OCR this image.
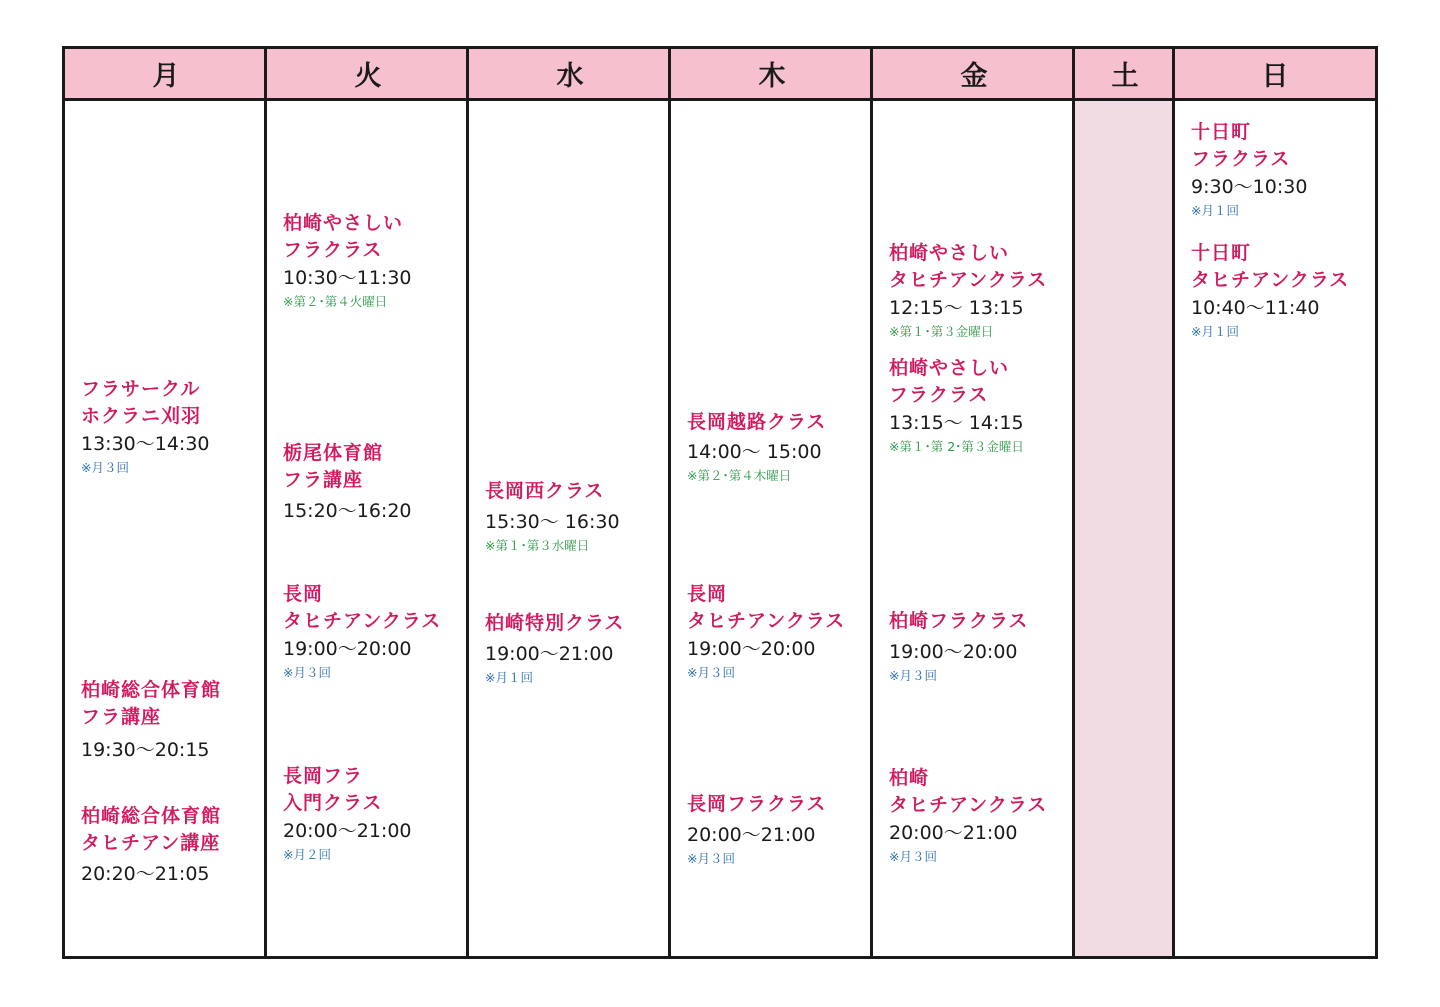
月
フラサークル
ホクラニ刈羽
13:30〜14:30
※月３回
柏崎総合体育館
フラ講座
19:30〜20:15
柏崎総合体育館
タヒチアン講座
20:20〜21:05
火
柏崎やさしい
フラクラス
10:30〜11:30
※第２･第４火曜日
栃尾体育館
フラ講座
15:20〜16:20
長岡
タヒチアンクラス
19:00〜20:00
※月３回
長岡フラ
入門クラス
20:00〜21:00
※月２回
水
長岡西クラス
15:30〜 16:30
※第１･第３水曜日
柏崎特別クラス
19:00〜21:00
※月１回
木
長岡越路クラス
14:00〜 15:00
※第２･第４木曜日
長岡
タヒチアンクラス
19:00〜20:00
※月３回
長岡フラクラス
20:00〜21:00
※月３回
金
柏崎やさしい
タヒチアンクラス
12:15〜 13:15
※第１･第３金曜日
柏崎やさしい
フラクラス
13:15〜 14:15
※第１･第 2･第３金曜日
柏崎フラクラス
19:00〜20:00
※月３回
柏崎
タヒチアンクラス
20:00〜21:00
※月３回
土	日
十日町
フラクラス
9:30〜10:30
※月１回
十日町
タヒチアンクラス
10:40〜11:40
※月１回
